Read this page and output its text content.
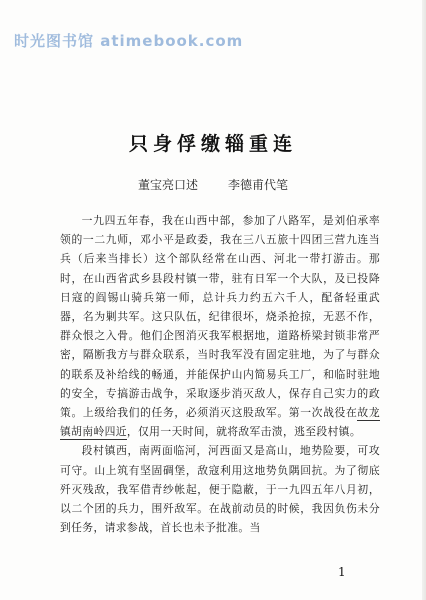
时光图书馆 atimebook.com
只身俘缴辎重连
董宝亮口述	李德甫代笔

一九四五年春，我在山西中部，参加了八路军，是刘伯承率领的一二九师，邓小平是政委，我在三八五旅十四团三营九连当兵（后来当排长）这个部队经常在山西、河北一带打游击。那时，在山西省武乡县段村镇一带，驻有日军一个大队，及已投降日寇的阎锡山骑兵第一师，总计兵力约五六千人，配备轻重武器，名为剿共军。这只队伍，纪律很坏，烧杀抢掠，无恶不作，群众恨之入骨。他们企图消灭我军根据地，道路桥梁封锁非常严密，隔断我方与群众联系，当时我军没有固定驻地，为了与群众的联系及补给线的畅通，并能保护山内简易兵工厂，和临时驻地的安全，专搞游击战争，采取逐步消灭敌人，保存自己实力的政策。上级给我们的任务，必须消灭这股敌军。第一次战役在故龙镇胡南岭四近，仅用一天时间，就将敌军击溃，逃至段村镇。

段村镇西，南两面临河，河西面又是高山，地势险要，可攻可守。山上筑有坚固碉堡，敌寇利用这地势负隅回抗。为了彻底歼灭残敌，我军借青纱帐起，便于隐蔽，于一九四五年八月初，以二个团的兵力，围歼敌军。在战前动员的时候，我因负伤未分到任务，请求参战，首长也未予批准。当

1
